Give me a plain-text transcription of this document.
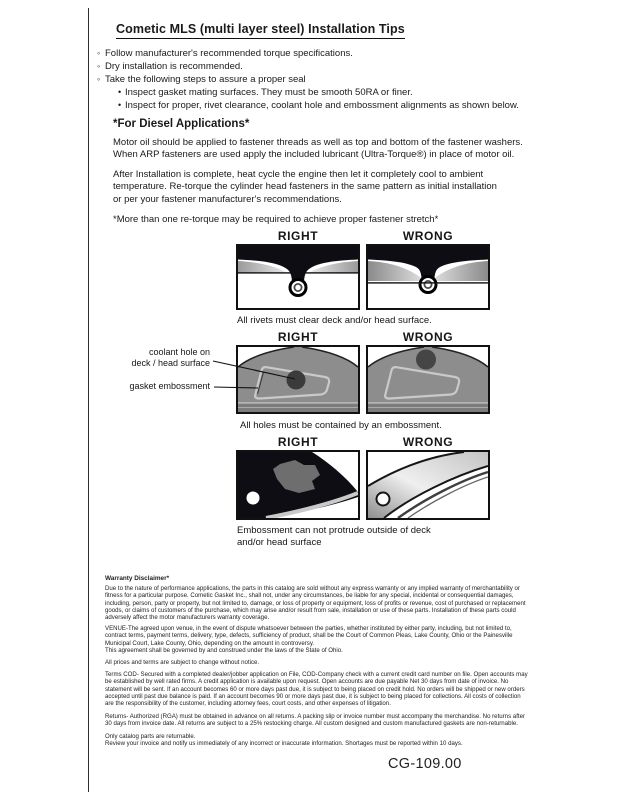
Cometic MLS (multi layer steel) Installation Tips
◦ Follow manufacturer's recommended torque specifications.
◦ Dry installation is recommended.
◦ Take the following steps to assure a proper seal
• Inspect gasket mating surfaces. They must be smooth 50RA or finer.
• Inspect for proper, rivet clearance, coolant hole and embossment alignments as shown below.
*For Diesel Applications*
Motor oil should be applied to fastener threads as well as top and bottom of the fastener washers.
When ARP fasteners are used apply the included lubricant (Ultra-Torque®) in place of motor oil.
After Installation is complete, heat cycle the engine then let it completely cool to ambient
temperature. Re-torque the cylinder head fasteners in the same pattern as initial installation
or per your fastener manufacturer's recommendations.
*More than one re-torque may be required to achieve proper fastener stretch*
RIGHT	WRONG
All rivets must clear deck and/or head surface.
coolant hole on
deck / head surface
gasket embossment
RIGHT	WRONG
All holes must be contained by an embossment.
RIGHT	WRONG
Embossment can not protrude outside of deck
and/or head surface
Warranty Disclaimer*
Due to the nature of performance applications, the parts in this catalog are sold without any express warranty or any implied warranty of merchantability or
fitness for a particular purpose. Cometic Gasket Inc., shall not, under any circumstances, be liable for any special, incidental or consequential damages,
including, person, party or property, but not limited to, damage, or loss of property or equipment, loss of profits or revenue, cost of purchased or replacement
goods, or claims of customers of the purchase, which may arise and/or result from sale, installation or use of these parts. Installation of these parts could
adversely affect the motor manufacturers warranty coverage.
VENUE-The agreed upon venue, in the event of dispute whatsoever between the parties, whether instituted by either party, including, but not limited to,
contract terms, payment terms, delivery, type, defects, sufficiency of product, shall be the Court of Common Pleas, Lake County, Ohio or the Painesville
Municipal Court, Lake County, Ohio, depending on the amount in controversy.
This agreement shall be governed by and construed under the laws of the State of Ohio.
All prices and terms are subject to change without notice.
Terms COD- Secured with a completed dealer/jobber application on File, COD-Company check with a current credit card number on file. Open accounts may
be established by well rated firms. A credit application is available upon request. Open accounts are due payable Net 30 days from date of invoice. No
statement will be sent. If an account becomes 60 or more days past due, it is subject to being placed on credit hold. No orders will be shipped or new orders
accepted until past due balance is paid. If an account becomes 90 or more days past due, it is subject to being placed for collections. All costs of collection
are the responsibility of the customer, including attorney fees, court costs, and other expenses of litigation.
Returns- Authorized (RGA) must be obtained in advance on all returns. A packing slip or invoice number must accompany the merchandise. No returns after
30 days from invoice date. All returns are subject to a 25% restocking charge. All custom designed and custom manufactured gaskets are non-returnable.
Only catalog parts are returnable.
Review your invoice and notify us immediately of any incorrect or inaccurate information. Shortages must be reported within 10 days.
CG-109.00
